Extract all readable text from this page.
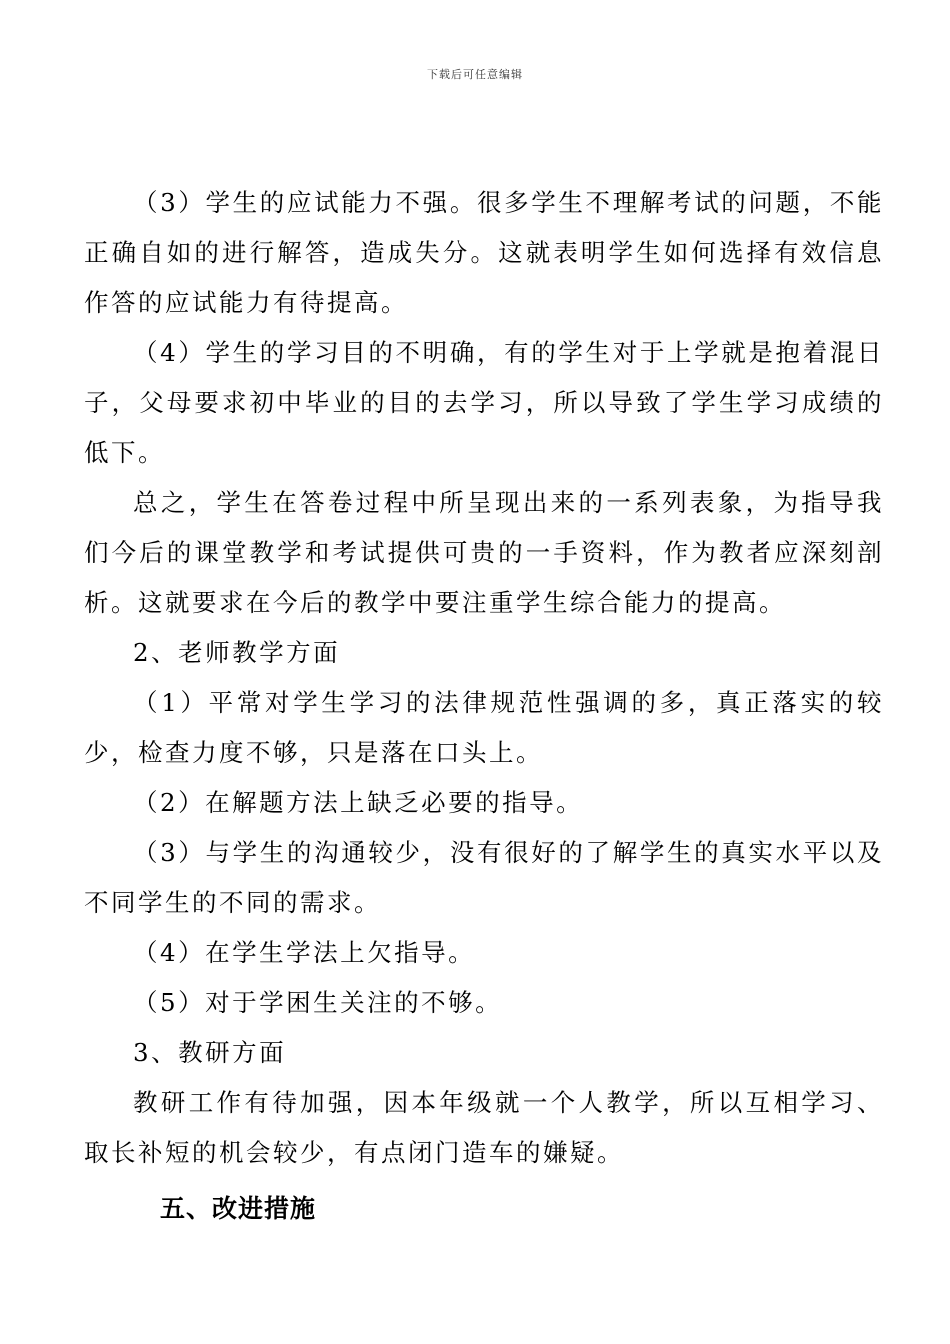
下载后可任意编辑

（3）学生的应试能力不强。很多学生不理解考试的问题，不能正确自如的进行解答，造成失分。这就表明学生如何选择有效信息作答的应试能力有待提高。

（4）学生的学习目的不明确，有的学生对于上学就是抱着混日子，父母要求初中毕业的目的去学习，所以导致了学生学习成绩的低下。

总之，学生在答卷过程中所呈现出来的一系列表象，为指导我们今后的课堂教学和考试提供可贵的一手资料，作为教者应深刻剖析。这就要求在今后的教学中要注重学生综合能力的提高。

2、老师教学方面

（1）平常对学生学习的法律规范性强调的多，真正落实的较少，检查力度不够，只是落在口头上。

（2）在解题方法上缺乏必要的指导。

（3）与学生的沟通较少，没有很好的了解学生的真实水平以及不同学生的不同的需求。

（4）在学生学法上欠指导。

（5）对于学困生关注的不够。

3、教研方面

教研工作有待加强，因本年级就一个人教学，所以互相学习、取长补短的机会较少，有点闭门造车的嫌疑。

五、改进措施
